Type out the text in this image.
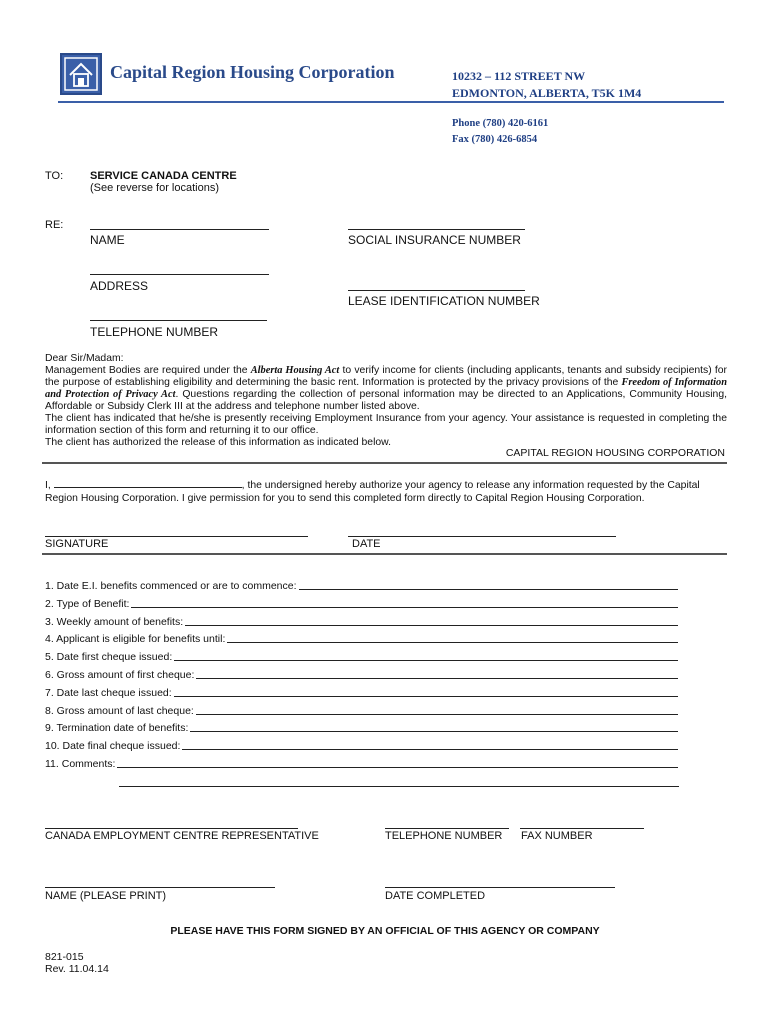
Capital Region Housing Corporation	10232 – 112 STREET NW
EDMONTON, ALBERTA, T5K 1M4
Phone (780) 420-6161
Fax (780) 426-6854
TO: SERVICE CANADA CENTRE
(See reverse for locations)
RE:
NAME	SOCIAL INSURANCE NUMBER
ADDRESS
LEASE IDENTIFICATION NUMBER
TELEPHONE NUMBER

Dear Sir/Madam:

Management Bodies are required under the Alberta Housing Act to verify income for clients (including applicants, tenants and subsidy recipients) for the purpose of establishing eligibility and determining the basic rent. Information is protected by the privacy provisions of the Freedom of Information and Protection of Privacy Act. Questions regarding the collection of personal information may be directed to an Applications, Community Housing, Affordable or Subsidy Clerk III at the address and telephone number listed above.

The client has indicated that he/she is presently receiving Employment Insurance from your agency. Your assistance is requested in completing the information section of this form and returning it to our office.

The client has authorized the release of this information as indicated below.

CAPITAL REGION HOUSING CORPORATION
I,	, the undersigned hereby authorize your agency to release any information requested by the Capital Region Housing Corporation. I give permission for you to send this completed form directly to Capital Region Housing Corporation.
SIGNATURE	DATE
1. Date E.I. benefits commenced or are to commence:
2. Type of Benefit:
3. Weekly amount of benefits:
4. Applicant is eligible for benefits until:
5. Date first cheque issued:
6. Gross amount of first cheque:
7. Date last cheque issued:
8. Gross amount of last cheque:
9. Termination date of benefits:
10. Date final cheque issued:
11. Comments:
CANADA EMPLOYMENT CENTRE REPRESENTATIVE	TELEPHONE NUMBER FAX NUMBER
NAME (PLEASE PRINT)	DATE COMPLETED
PLEASE HAVE THIS FORM SIGNED BY AN OFFICIAL OF THIS AGENCY OR COMPANY
821-015
Rev. 11.04.14
